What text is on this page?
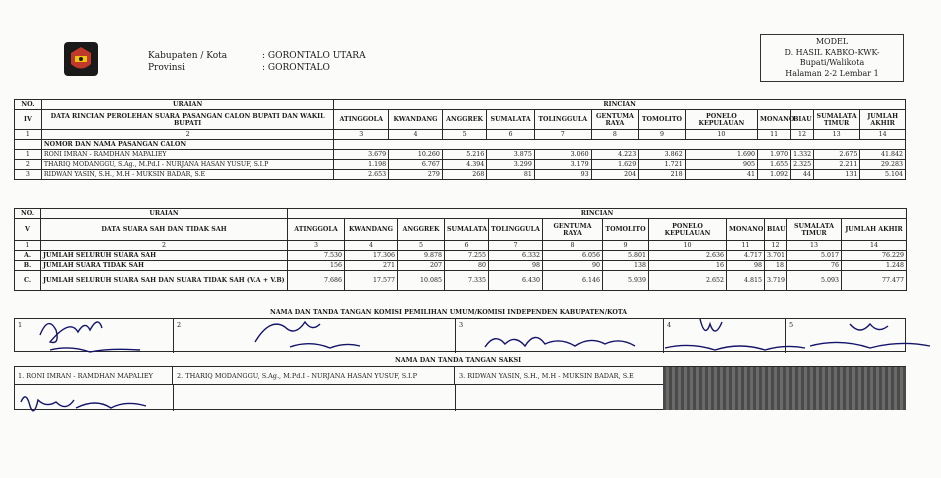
Kabupaten / Kota
Provinsi
: GORONTALO UTARA
: GORONTALO
MODEL
D. HASIL KABKO-KWK-
Bupati/Walikota
Halaman 2-2 Lembar 1
NO.	URAIAN	RINCIAN											
IV	DATA RINCIAN PEROLEHAN SUARA PASANGAN CALON BUPATI DAN WAKIL BUPATI	ATINGGOLA	KWANDANG	ANGGREK	SUMALATA	TOLINGGULA	GENTUMA RAYA	TOMOLITO	PONELO KEPULAUAN	MONANO	BIAU	SUMALATA TIMUR	JUMLAH AKHIR
1	2	3	4	5	6	7	8	9	10	11	12	13	14
	NOMOR DAN NAMA PASANGAN CALON												
1	RONI IMRAN - RAMDHAN MAPALIEY	3.679	10.260	5.216	3.875	3.060	4.223	3.862	1.690	1.970	1.332	2.675	41.842
2	THARIQ MODANGGU, S.Ag., M.Pd.I - NURJANA HASAN YUSUF, S.I.P	1.198	6.767	4.394	3.299	3.179	1.629	1.721	905	1.655	2.325	2.211	29.283
3	RIDWAN YASIN, S.H., M.H - MUKSIN BADAR, S.E	2.653	279	268	81	93	204	218	41	1.092	44	131	5.104
NO.	URAIAN	RINCIAN											
V	DATA SUARA SAH DAN TIDAK SAH	ATINGGOLA	KWANDANG	ANGGREK	SUMALATA	TOLINGGULA	GENTUMA RAYA	TOMOLITO	PONELO KEPULAUAN	MONANO	BIAU	SUMALATA TIMUR	JUMLAH AKHIR
1	2	3	4	5	6	7	8	9	10	11	12	13	14
A.	JUMLAH SELURUH SUARA SAH	7.530	17.306	9.878	7.255	6.332	6.056	5.801	2.636	4.717	3.701	5.017	76.229
B.	JUMLAH SUARA TIDAK SAH	156	271	207	80	98	90	138	16	98	18	76	1.248
C.	JUMLAH SELURUH SUARA SAH DAN SUARA TIDAK SAH (V.A + V.B)	7.686	17.577	10.085	7.335	6.430	6.146	5.939	2.652	4.815	3.719	5.093	77.477
NAMA DAN TANDA TANGAN KOMISI PEMILIHAN UMUM/KOMISI INDEPENDEN KABUPATEN/KOTA
1	2	3	4	5
NAMA DAN TANDA TANGAN SAKSI
1. RONI IMRAN - RAMDHAN MAPALIEY	2. THARIQ MODANGGU, S.Ag., M.Pd.I - NURJANA HASAN YUSUF, S.I.P	3. RIDWAN YASIN, S.H., M.H - MUKSIN BADAR, S.E
